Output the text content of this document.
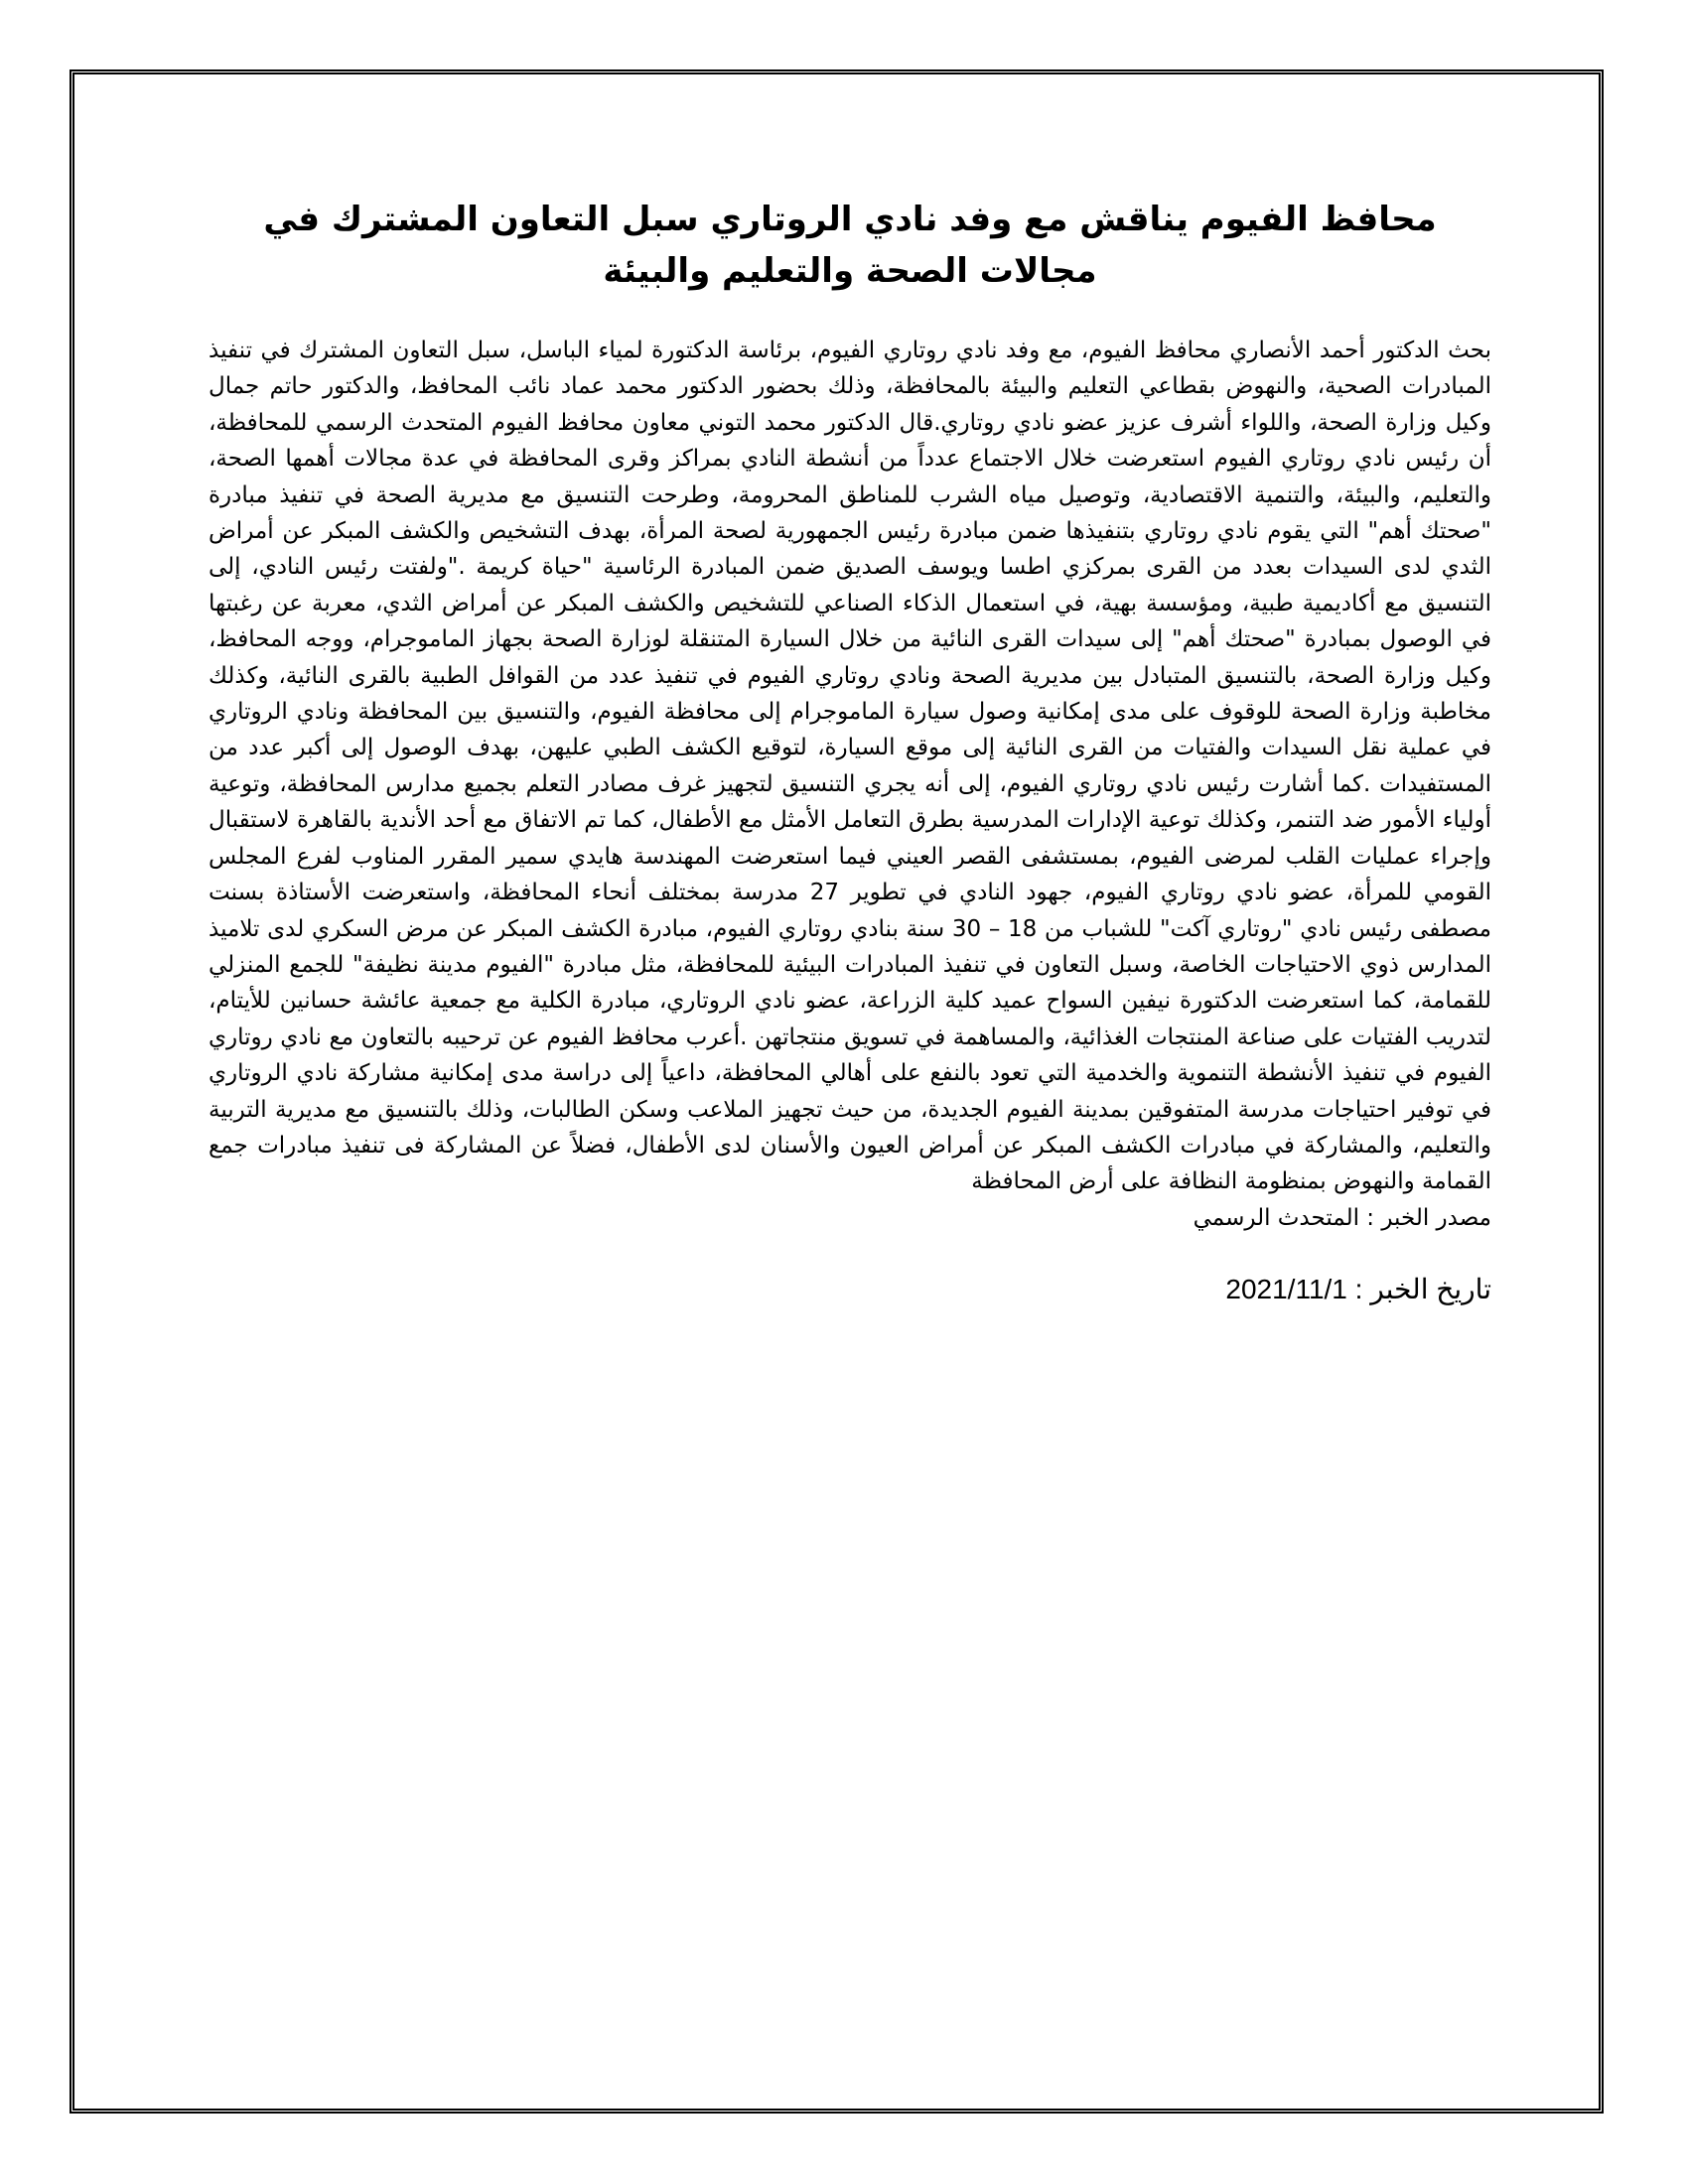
محافظ الفيوم يناقش مع وفد نادي الروتاري سبل التعاون المشترك في مجالات الصحة والتعليم والبيئة

بحث الدكتور أحمد الأنصاري محافظ الفيوم، مع وفد نادي روتاري الفيوم، برئاسة الدكتورة لمياء الباسل، سبل التعاون المشترك في تنفيذ المبادرات الصحية، والنهوض بقطاعي التعليم والبيئة بالمحافظة، وذلك بحضور الدكتور محمد عماد نائب المحافظ، والدكتور حاتم جمال وكيل وزارة الصحة، واللواء أشرف عزيز عضو نادي روتاري.قال الدكتور محمد التوني معاون محافظ الفيوم المتحدث الرسمي للمحافظة، أن رئيس نادي روتاري الفيوم استعرضت خلال الاجتماع عدداً من أنشطة النادي بمراكز وقرى المحافظة في عدة مجالات أهمها الصحة، والتعليم، والبيئة، والتنمية الاقتصادية، وتوصيل مياه الشرب للمناطق المحرومة، وطرحت التنسيق مع مديرية الصحة في تنفيذ مبادرة "صحتك أهم" التي يقوم نادي روتاري بتنفيذها ضمن مبادرة رئيس الجمهورية لصحة المرأة، بهدف التشخيص والكشف المبكر عن أمراض الثدي لدى السيدات بعدد من القرى بمركزي اطسا ويوسف الصديق ضمن المبادرة الرئاسية "حياة كريمة ."ولفتت رئيس النادي، إلى التنسيق مع أكاديمية طبية، ومؤسسة بهية، في استعمال الذكاء الصناعي للتشخيص والكشف المبكر عن أمراض الثدي، معربة عن رغبتها في الوصول بمبادرة "صحتك أهم" إلى سيدات القرى النائية من خلال السيارة المتنقلة لوزارة الصحة بجهاز الماموجرام، ووجه المحافظ، وكيل وزارة الصحة، بالتنسيق المتبادل بين مديرية الصحة ونادي روتاري الفيوم في تنفيذ عدد من القوافل الطبية بالقرى النائية، وكذلك مخاطبة وزارة الصحة للوقوف على مدى إمكانية وصول سيارة الماموجرام إلى محافظة الفيوم، والتنسيق بين المحافظة ونادي الروتاري في عملية نقل السيدات والفتيات من القرى النائية إلى موقع السيارة، لتوقيع الكشف الطبي عليهن، بهدف الوصول إلى أكبر عدد من المستفيدات .كما أشارت رئيس نادي روتاري الفيوم، إلى أنه يجري التنسيق لتجهيز غرف مصادر التعلم بجميع مدارس المحافظة، وتوعية أولياء الأمور ضد التنمر، وكذلك توعية الإدارات المدرسية بطرق التعامل الأمثل مع الأطفال، كما تم الاتفاق مع أحد الأندية بالقاهرة لاستقبال وإجراء عمليات القلب لمرضى الفيوم، بمستشفى القصر العيني فيما استعرضت المهندسة هايدي سمير المقرر المناوب لفرع المجلس القومي للمرأة، عضو نادي روتاري الفيوم، جهود النادي في تطوير 27 مدرسة بمختلف أنحاء المحافظة، واستعرضت الأستاذة بسنت مصطفى رئيس نادي "روتاري آكت" للشباب من 18 – 30 سنة بنادي روتاري الفيوم، مبادرة الكشف المبكر عن مرض السكري لدى تلاميذ المدارس ذوي الاحتياجات الخاصة، وسبل التعاون في تنفيذ المبادرات البيئية للمحافظة، مثل مبادرة "الفيوم مدينة نظيفة" للجمع المنزلي للقمامة، كما استعرضت الدكتورة نيفين السواح عميد كلية الزراعة، عضو نادي الروتاري، مبادرة الكلية مع جمعية عائشة حسانين للأيتام، لتدريب الفتيات على صناعة المنتجات الغذائية، والمساهمة في تسويق منتجاتهن .أعرب محافظ الفيوم عن ترحيبه بالتعاون مع نادي روتاري الفيوم في تنفيذ الأنشطة التنموية والخدمية التي تعود بالنفع على أهالي المحافظة، داعياً إلى دراسة مدى إمكانية مشاركة نادي الروتاري في توفير احتياجات مدرسة المتفوقين بمدينة الفيوم الجديدة، من حيث تجهيز الملاعب وسكن الطالبات، وذلك بالتنسيق مع مديرية التربية والتعليم، والمشاركة في مبادرات الكشف المبكر عن أمراض العيون والأسنان لدى الأطفال، فضلاً عن المشاركة فى تنفيذ مبادرات جمع القمامة والنهوض بمنظومة النظافة على أرض المحافظة

مصدر الخبر : المتحدث الرسمي

تاريخ الخبر : 2021/11/1
